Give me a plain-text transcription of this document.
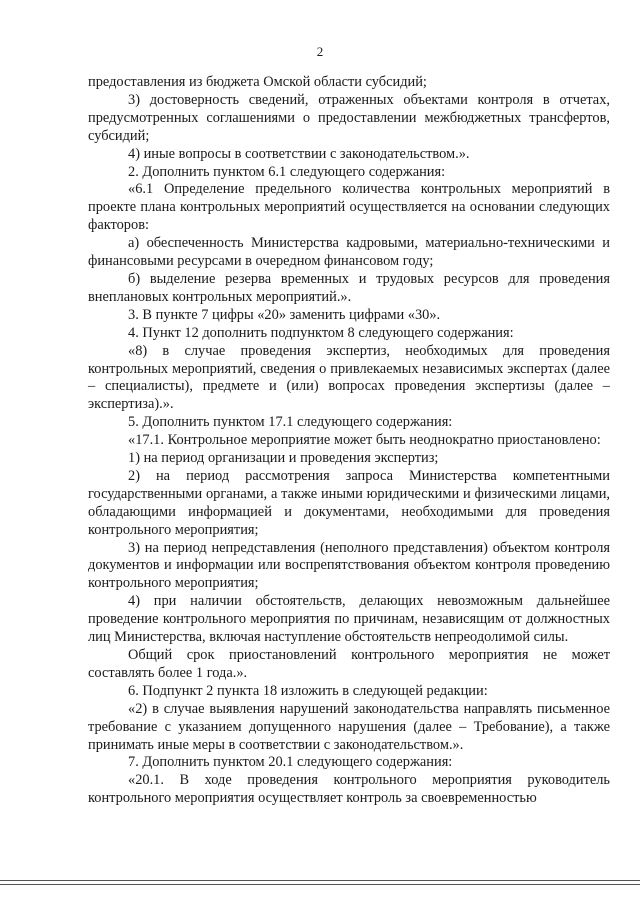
2

предоставления из бюджета Омской области субсидий;

3) достоверность сведений, отраженных объектами контроля в отчетах, предусмотренных соглашениями о предоставлении межбюджетных трансфертов, субсидий;

4) иные вопросы в соответствии с законодательством.».

2. Дополнить пунктом 6.1 следующего содержания:

«6.1 Определение предельного количества контрольных мероприятий в проекте плана контрольных мероприятий осуществляется на основании следующих факторов:

а) обеспеченность Министерства кадровыми, материально-техническими и финансовыми ресурсами в очередном финансовом году;

б) выделение резерва временных и трудовых ресурсов для проведения внеплановых контрольных мероприятий.».

3. В пункте 7 цифры «20» заменить цифрами «30».

4. Пункт 12 дополнить подпунктом 8 следующего содержания:

«8) в случае проведения экспертиз, необходимых для проведения контрольных мероприятий, сведения о привлекаемых независимых экспертах (далее – специалисты), предмете и (или) вопросах проведения экспертизы (далее – экспертиза).».

5. Дополнить пунктом 17.1 следующего содержания:

«17.1. Контрольное мероприятие может быть неоднократно приостановлено:

1) на период организации и проведения экспертиз;

2) на период рассмотрения запроса Министерства компетентными государственными органами, а также иными юридическими и физическими лицами, обладающими информацией и документами, необходимыми для проведения контрольного мероприятия;

3) на период непредставления (неполного представления) объектом контроля документов и информации или воспрепятствования объектом контроля проведению контрольного мероприятия;

4) при наличии обстоятельств, делающих невозможным дальнейшее проведение контрольного мероприятия по причинам, независящим от должностных лиц Министерства, включая наступление обстоятельств непреодолимой силы.

Общий срок приостановлений контрольного мероприятия не может составлять более 1 года.».

6. Подпункт 2 пункта 18 изложить в следующей редакции:

«2) в случае выявления нарушений законодательства направлять письменное требование с указанием допущенного нарушения (далее – Требование), а также принимать иные меры в соответствии с законодательством.».

7. Дополнить пунктом 20.1 следующего содержания:

«20.1. В ходе проведения контрольного мероприятия руководитель контрольного мероприятия осуществляет контроль за своевременностью
